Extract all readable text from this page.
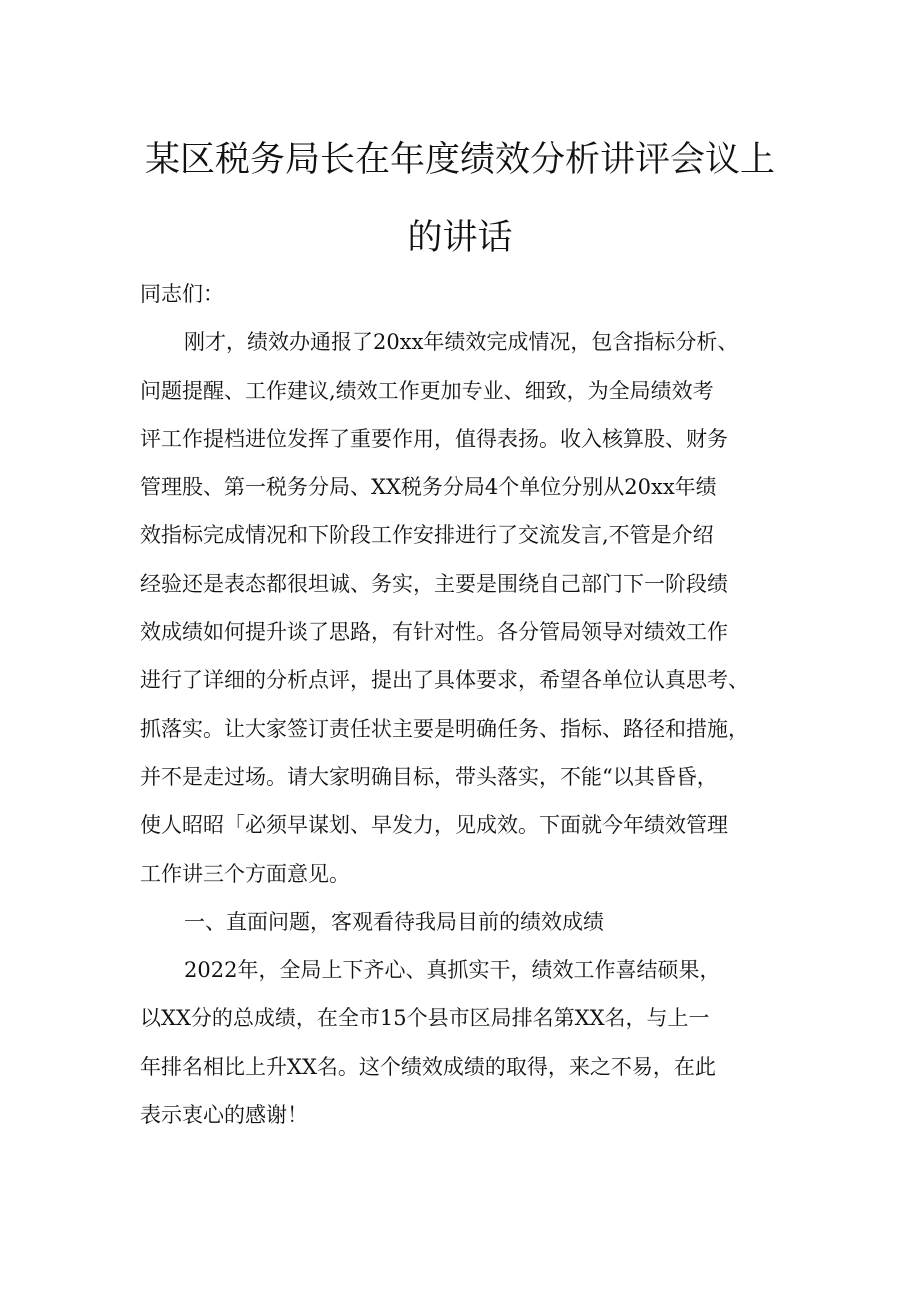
某区税务局长在年度绩效分析讲评会议上
的讲话

同志们：

刚才，绩效办通报了20xx年绩效完成情况，包含指标分析、
问题提醒、工作建议,绩效工作更加专业、细致，为全局绩效考
评工作提档进位发挥了重要作用，值得表扬。收入核算股、财务
管理股、第一税务分局、XX税务分局4个单位分别从20xx年绩
效指标完成情况和下阶段工作安排进行了交流发言,不管是介绍
经验还是表态都很坦诚、务实，主要是围绕自己部门下一阶段绩
效成绩如何提升谈了思路，有针对性。各分管局领导对绩效工作
进行了详细的分析点评，提出了具体要求，希望各单位认真思考、
抓落实。让大家签订责任状主要是明确任务、指标、路径和措施，
并不是走过场。请大家明确目标，带头落实，不能“以其昏昏，
使人昭昭「必须早谋划、早发力，见成效。下面就今年绩效管理
工作讲三个方面意见。

一、直面问题，客观看待我局目前的绩效成绩

2022年，全局上下齐心、真抓实干，绩效工作喜结硕果，
以XX分的总成绩，在全市15个县市区局排名第XX名，与上一
年排名相比上升XX名。这个绩效成绩的取得，来之不易，在此
表示衷心的感谢！
